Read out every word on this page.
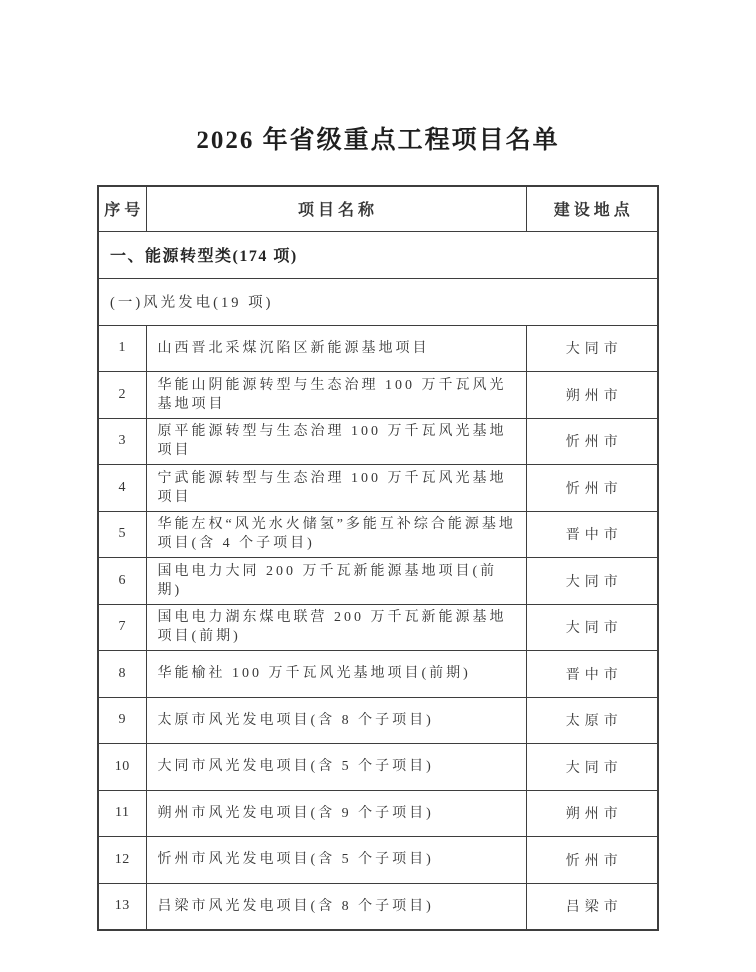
2026 年省级重点工程项目名单
序号	项目名称	建设地点
一、能源转型类(174 项)		
(一)风光发电(19 项)		
1	山西晋北采煤沉陷区新能源基地项目	大同市
2	华能山阴能源转型与生态治理 100 万千瓦风光基地项目	朔州市
3	原平能源转型与生态治理 100 万千瓦风光基地项目	忻州市
4	宁武能源转型与生态治理 100 万千瓦风光基地项目	忻州市
5	华能左权“风光水火储氢”多能互补综合能源基地项目(含 4 个子项目)	晋中市
6	国电电力大同 200 万千瓦新能源基地项目(前期)	大同市
7	国电电力湖东煤电联营 200 万千瓦新能源基地项目(前期)	大同市
8	华能榆社 100 万千瓦风光基地项目(前期)	晋中市
9	太原市风光发电项目(含 8 个子项目)	太原市
10	大同市风光发电项目(含 5 个子项目)	大同市
11	朔州市风光发电项目(含 9 个子项目)	朔州市
12	忻州市风光发电项目(含 5 个子项目)	忻州市
13	吕梁市风光发电项目(含 8 个子项目)	吕梁市
